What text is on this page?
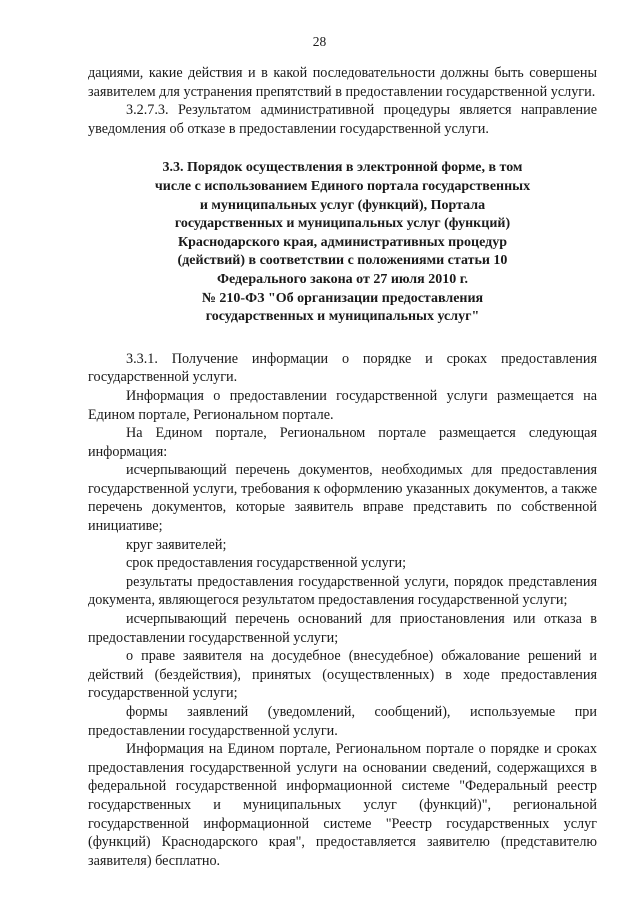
28

дациями, какие действия и в какой последовательности должны быть совершены заявителем для устранения препятствий в предоставлении государственной услуги.

3.2.7.3. Результатом административной процедуры является направление уведомления об отказе в предоставлении государственной услуги.

3.3. Порядок осуществления в электронной форме, в том
числе с использованием Единого портала государственных
и муниципальных услуг (функций), Портала
государственных и муниципальных услуг (функций)
Краснодарского края, административных процедур
(действий) в соответствии с положениями статьи 10
Федерального закона от 27 июля 2010 г.
№ 210-ФЗ "Об организации предоставления
государственных и муниципальных услуг"

3.3.1. Получение информации о порядке и сроках предоставления государственной услуги.

Информация о предоставлении государственной услуги размещается на Едином портале, Региональном портале.

На Едином портале, Региональном портале размещается следующая информация:

исчерпывающий перечень документов, необходимых для предоставления государственной услуги, требования к оформлению указанных документов, а также перечень документов, которые заявитель вправе представить по собственной инициативе;

круг заявителей;

срок предоставления государственной услуги;

результаты предоставления государственной услуги, порядок представления документа, являющегося результатом предоставления государственной услуги;

исчерпывающий перечень оснований для приостановления или отказа в предоставлении государственной услуги;

о праве заявителя на досудебное (внесудебное) обжалование решений и действий (бездействия), принятых (осуществленных) в ходе предоставления государственной услуги;

формы заявлений (уведомлений, сообщений), используемые при предоставлении государственной услуги.

Информация на Едином портале, Региональном портале о порядке и сроках предоставления государственной услуги на основании сведений, содержащихся в федеральной государственной информационной системе "Федеральный реестр государственных и муниципальных услуг (функций)", региональной государственной информационной системе "Реестр государственных услуг (функций) Краснодарского края", предоставляется заявителю (представителю заявителя) бесплатно.
